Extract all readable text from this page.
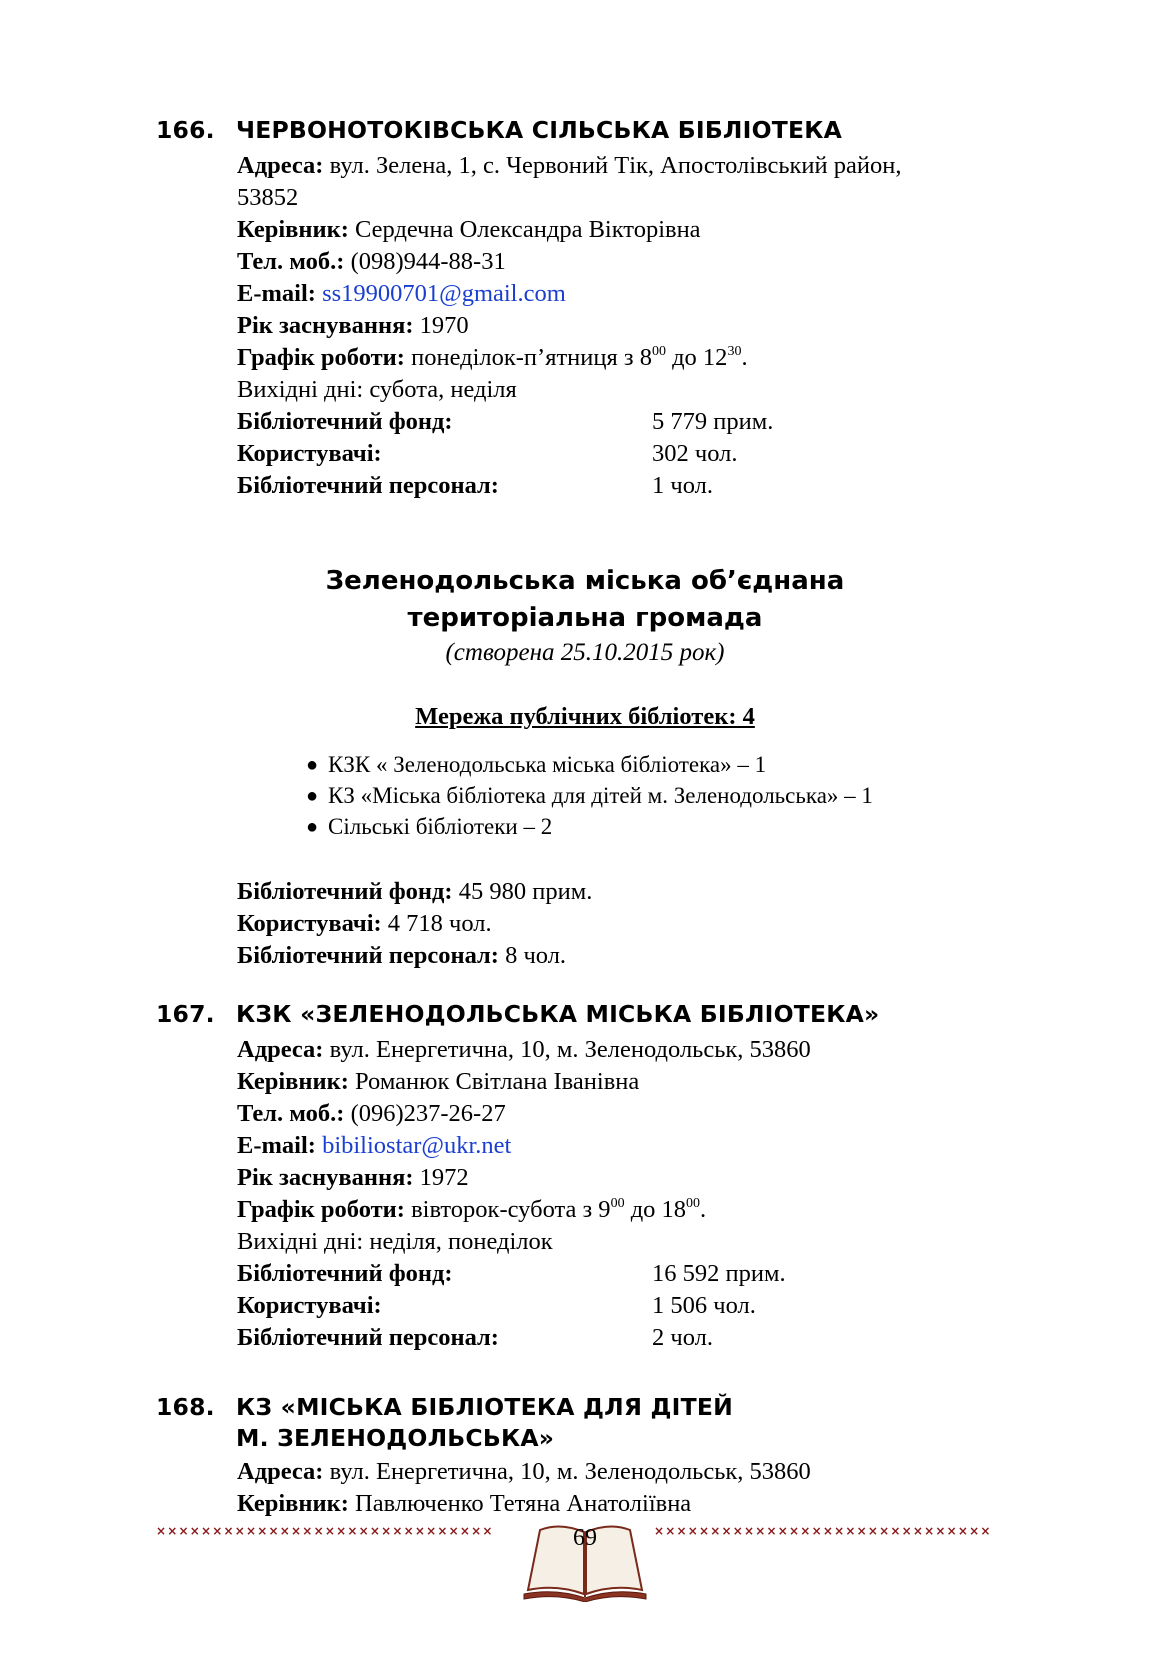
166. ЧЕРВОНОТОКІВСЬКА СІЛЬСЬКА БІБЛІОТЕКА
Адреса: вул. Зелена, 1, с. Червоний Тік, Апостолівський район,
53852
Керівник: Сердечна Олександра Вікторівна
Тел. моб.: (098)944-88-31
E-mail: ss19900701@gmail.com
Рік заснування: 1970
Графік роботи: понеділок-п’ятниця з $8^{00}$ до $12^{30}$.
Вихідні дні: субота, неділя
Бібліотечний фонд:	5 779 прим.
Користувачі:	302 чол.
Бібліотечний персонал:	1 чол.
Зеленодольська міська об’єднана
територіальна громада
(створена 25.10.2015 рок)
Мережа публічних бібліотек: 4
● КЗК « Зеленодольська міська бібліотека» – 1
● КЗ «Міська бібліотека для дітей м. Зеленодольська» – 1
● Сільські бібліотеки – 2
Бібліотечний фонд: 45 980 прим.
Користувачі: 4 718 чол.
Бібліотечний персонал: 8 чол.
167. КЗК «ЗЕЛЕНОДОЛЬСЬКА МІСЬКА БІБЛІОТЕКА»
Адреса: вул. Енергетична, 10, м. Зеленодольськ, 53860
Керівник: Романюк Світлана Іванівна
Тел. моб.: (096)237-26-27
E-mail: bibiliostar@ukr.net
Рік заснування: 1972
Графік роботи: вівторок-субота з $9^{00}$ до $18^{00}$.
Вихідні дні: неділя, понеділок
Бібліотечний фонд:	16 592 прим.
Користувачі:	1 506 чол.
Бібліотечний персонал:	2 чол.
168. КЗ «МІСЬКА БІБЛІОТЕКА ДЛЯ ДІТЕЙ
М. ЗЕЛЕНОДОЛЬСЬКА»
Адреса: вул. Енергетична, 10, м. Зеленодольськ, 53860
Керівник: Павлюченко Тетяна Анатоліївна
××××××××××××××××××××××××××××××	××××××××××××××××××××××××××××××
69
